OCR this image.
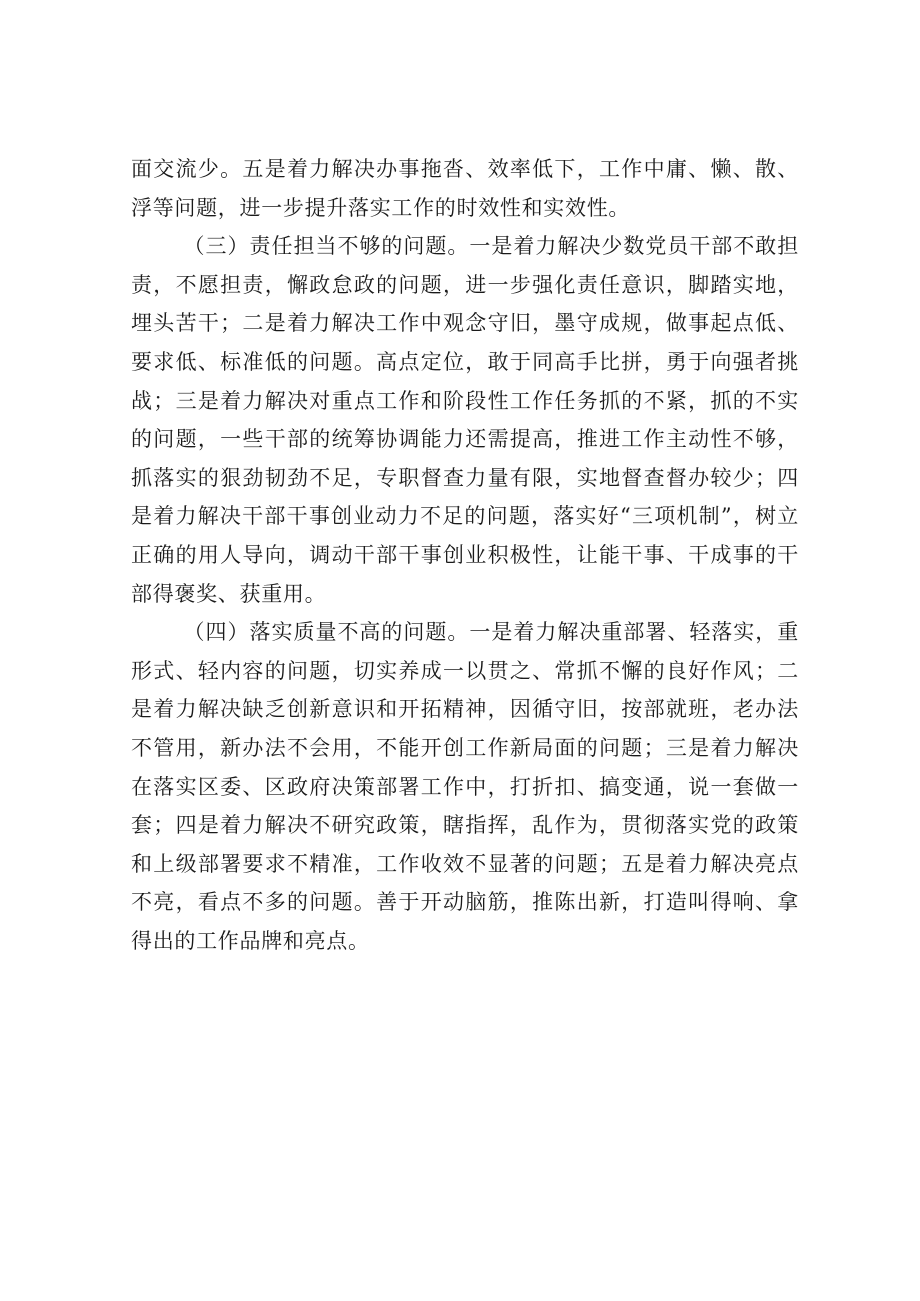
面交流少。五是着力解决办事拖沓、效率低下，工作中庸、懒、散、浮等问题，进一步提升落实工作的时效性和实效性。

（三）责任担当不够的问题。一是着力解决少数党员干部不敢担责，不愿担责，懈政怠政的问题，进一步强化责任意识，脚踏实地，埋头苦干；二是着力解决工作中观念守旧，墨守成规，做事起点低、要求低、标准低的问题。高点定位，敢于同高手比拼，勇于向强者挑战；三是着力解决对重点工作和阶段性工作任务抓的不紧，抓的不实的问题，一些干部的统筹协调能力还需提高，推进工作主动性不够，抓落实的狠劲韧劲不足，专职督查力量有限，实地督查督办较少；四是着力解决干部干事创业动力不足的问题，落实好“三项机制”，树立正确的用人导向，调动干部干事创业积极性，让能干事、干成事的干部得褒奖、获重用。

（四）落实质量不高的问题。一是着力解决重部署、轻落实，重形式、轻内容的问题，切实养成一以贯之、常抓不懈的良好作风；二是着力解决缺乏创新意识和开拓精神，因循守旧，按部就班，老办法不管用，新办法不会用，不能开创工作新局面的问题；三是着力解决在落实区委、区政府决策部署工作中，打折扣、搞变通，说一套做一套；四是着力解决不研究政策，瞎指挥，乱作为，贯彻落实党的政策和上级部署要求不精准，工作收效不显著的问题；五是着力解决亮点不亮，看点不多的问题。善于开动脑筋，推陈出新，打造叫得响、拿得出的工作品牌和亮点。
